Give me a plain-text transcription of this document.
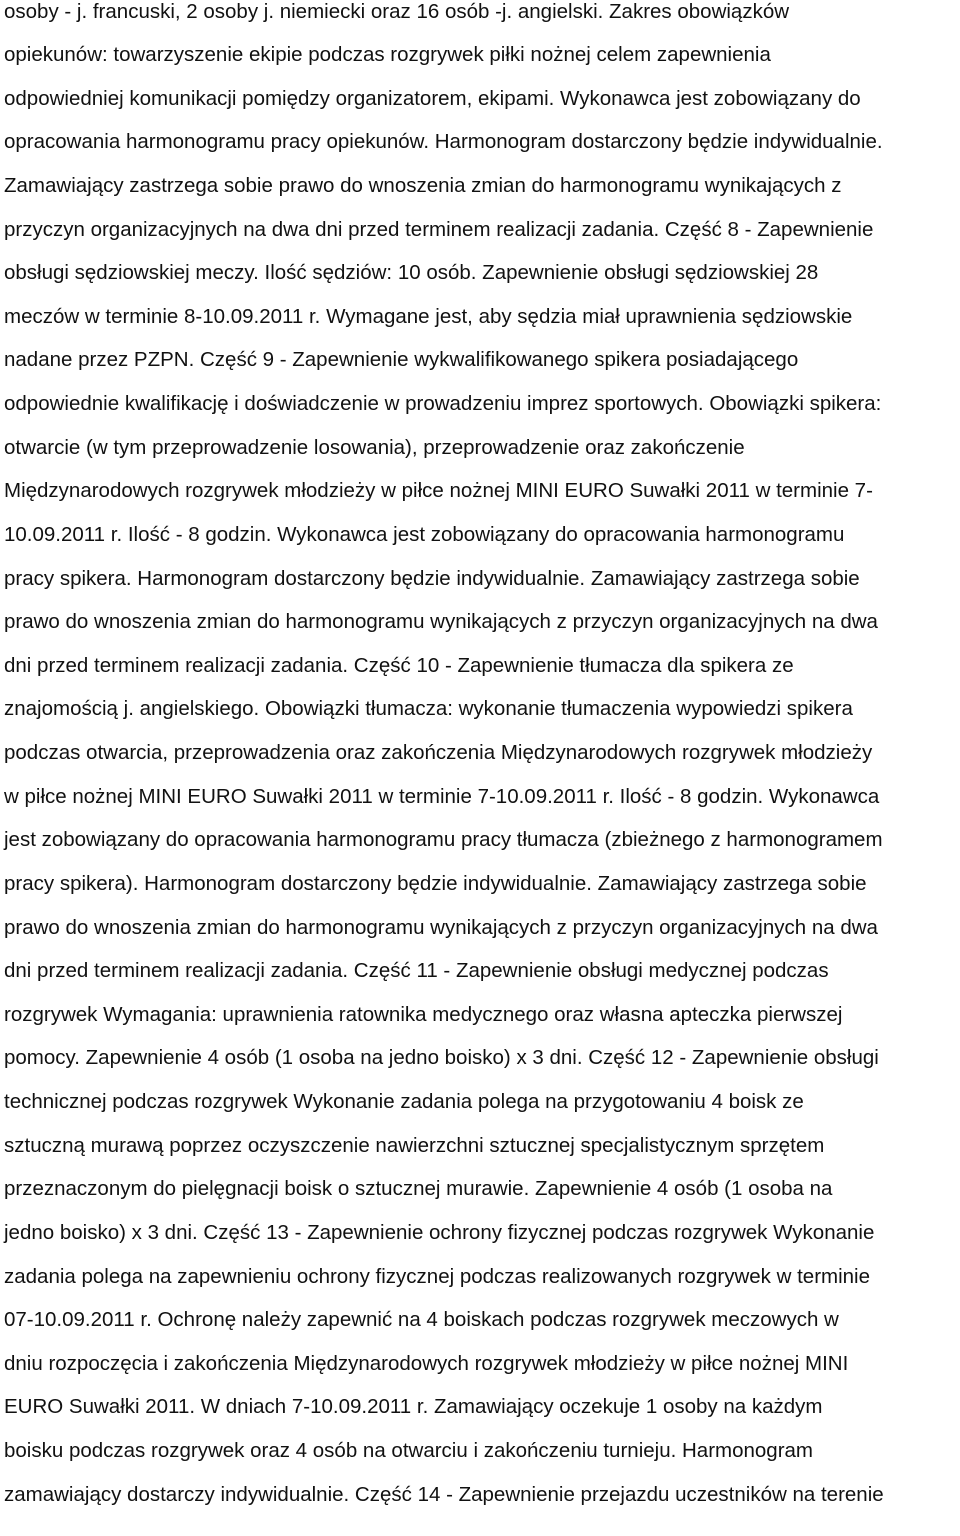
osoby - j. francuski, 2 osoby j. niemiecki oraz 16 osób -j. angielski. Zakres obowiązków
opiekunów: towarzyszenie ekipie podczas rozgrywek piłki nożnej celem zapewnienia
odpowiedniej komunikacji pomiędzy organizatorem, ekipami. Wykonawca jest zobowiązany do
opracowania harmonogramu pracy opiekunów. Harmonogram dostarczony będzie indywidualnie.
Zamawiający zastrzega sobie prawo do wnoszenia zmian do harmonogramu wynikających z
przyczyn organizacyjnych na dwa dni przed terminem realizacji zadania. Część 8 - Zapewnienie
obsługi sędziowskiej meczy. Ilość sędziów: 10 osób. Zapewnienie obsługi sędziowskiej 28
meczów w terminie 8-10.09.2011 r. Wymagane jest, aby sędzia miał uprawnienia sędziowskie
nadane przez PZPN. Część 9 - Zapewnienie wykwalifikowanego spikera posiadającego
odpowiednie kwalifikację i doświadczenie w prowadzeniu imprez sportowych. Obowiązki spikera:
otwarcie (w tym przeprowadzenie losowania), przeprowadzenie oraz zakończenie
Międzynarodowych rozgrywek młodzieży w piłce nożnej MINI EURO Suwałki 2011 w terminie 7-
10.09.2011 r. Ilość - 8 godzin. Wykonawca jest zobowiązany do opracowania harmonogramu
pracy spikera. Harmonogram dostarczony będzie indywidualnie. Zamawiający zastrzega sobie
prawo do wnoszenia zmian do harmonogramu wynikających z przyczyn organizacyjnych na dwa
dni przed terminem realizacji zadania. Część 10 - Zapewnienie tłumacza dla spikera ze
znajomością j. angielskiego. Obowiązki tłumacza: wykonanie tłumaczenia wypowiedzi spikera
podczas otwarcia, przeprowadzenia oraz zakończenia Międzynarodowych rozgrywek młodzieży
w piłce nożnej MINI EURO Suwałki 2011 w terminie 7-10.09.2011 r. Ilość - 8 godzin. Wykonawca
jest zobowiązany do opracowania harmonogramu pracy tłumacza (zbieżnego z harmonogramem
pracy spikera). Harmonogram dostarczony będzie indywidualnie. Zamawiający zastrzega sobie
prawo do wnoszenia zmian do harmonogramu wynikających z przyczyn organizacyjnych na dwa
dni przed terminem realizacji zadania. Część 11 - Zapewnienie obsługi medycznej podczas
rozgrywek Wymagania: uprawnienia ratownika medycznego oraz własna apteczka pierwszej
pomocy. Zapewnienie 4 osób (1 osoba na jedno boisko) x 3 dni. Część 12 - Zapewnienie obsługi
technicznej podczas rozgrywek Wykonanie zadania polega na przygotowaniu 4 boisk ze
sztuczną murawą poprzez oczyszczenie nawierzchni sztucznej specjalistycznym sprzętem
przeznaczonym do pielęgnacji boisk o sztucznej murawie. Zapewnienie 4 osób (1 osoba na
jedno boisko) x 3 dni. Część 13 - Zapewnienie ochrony fizycznej podczas rozgrywek Wykonanie
zadania polega na zapewnieniu ochrony fizycznej podczas realizowanych rozgrywek w terminie
07-10.09.2011 r. Ochronę należy zapewnić na 4 boiskach podczas rozgrywek meczowych w
dniu rozpoczęcia i zakończenia Międzynarodowych rozgrywek młodzieży w piłce nożnej MINI
EURO Suwałki 2011. W dniach 7-10.09.2011 r. Zamawiający oczekuje 1 osoby na każdym
boisku podczas rozgrywek oraz 4 osób na otwarciu i zakończeniu turnieju. Harmonogram
zamawiający dostarczy indywidualnie. Część 14 - Zapewnienie przejazdu uczestników na terenie
